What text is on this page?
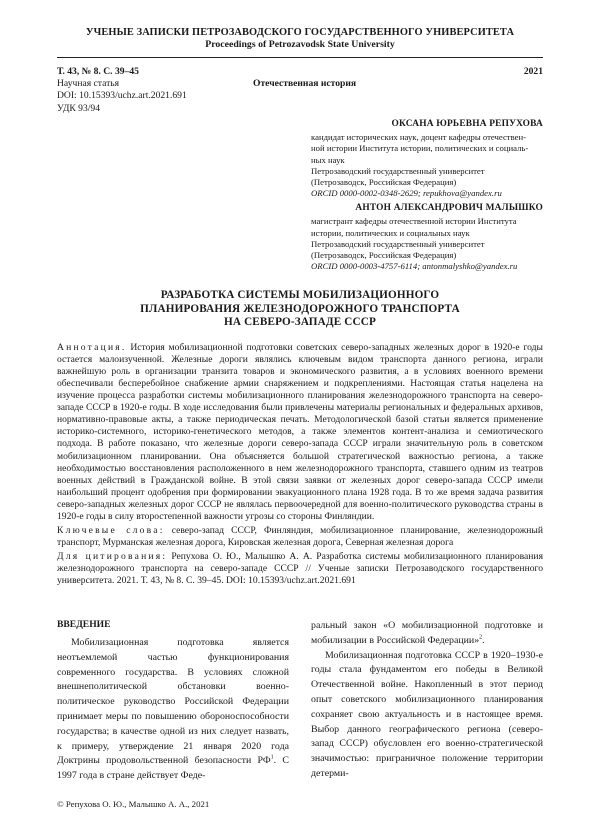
УЧЕНЫЕ ЗАПИСКИ ПЕТРОЗАВОДСКОГО ГОСУДАРСТВЕННОГО УНИВЕРСИТЕТА
Proceedings of Petrozavodsk State University
Т. 43, № 8. С. 39–45	2021
Научная статья	Отечественная история
DOI: 10.15393/uchz.art.2021.691
УДК 93/94
ОКСАНА ЮРЬЕВНА РЕПУХОВА
кандидат исторических наук, доцент кафедры отечествен-
ной истории Института истории, политических и социаль-
ных наук
Петрозаводский государственный университет
(Петрозаводск, Российская Федерация)
ORCID 0000-0002-0348-2629; repukhova@yandex.ru
АНТОН АЛЕКСАНДРОВИЧ МАЛЫШКО
магистрант кафедры отечественной истории Института
истории, политических и социальных наук
Петрозаводский государственный университет
(Петрозаводск, Российская Федерация)
ORCID 0000-0003-4757-6114; antonmalyshko@yandex.ru
РАЗРАБОТКА СИСТЕМЫ МОБИЛИЗАЦИОННОГО
ПЛАНИРОВАНИЯ ЖЕЛЕЗНОДОРОЖНОГО ТРАНСПОРТА
НА СЕВЕРО-ЗАПАДЕ СССР

Аннотация. История мобилизационной подготовки советских северо-западных железных дорог в 1920-е годы остается малоизученной. Железные дороги являлись ключевым видом транспорта данного региона, играли важнейшую роль в организации транзита товаров и экономического развития, а в условиях военного времени обеспечивали бесперебойное снабжение армии снаряжением и подкреплениями. Настоящая статья нацелена на изучение процесса разработки системы мобилизационного планирования железнодорожного транспорта на северо-западе СССР в 1920-е годы. В ходе исследования были привлечены материалы региональных и федеральных архивов, нормативно-правовые акты, а также периодическая печать. Методологической базой статьи является применение историко-системного, историко-генетического методов, а также элементов контент-анализа и семиотического подхода. В работе показано, что железные дороги северо-запада СССР играли значительную роль в советском мобилизационном планировании. Она объясняется большой стратегической важностью региона, а также необходимостью восстановления расположенного в нем железнодорожного транспорта, ставшего одним из театров военных действий в Гражданской войне. В этой связи заявки от железных дорог северо-запада СССР имели наибольший процент одобрения при формировании эвакуационного плана 1928 года. В то же время задача развития северо-западных железных дорог СССР не являлась первоочередной для военно-политического руководства страны в 1920-е годы в силу второстепенной важности угрозы со стороны Финляндии.

Ключевые слова: северо-запад СССР, Финляндия, мобилизационное планирование, железнодорожный транспорт, Мурманская железная дорога, Кировская железная дорога, Северная железная дорога

Для цитирования: Репухова О. Ю., Малышко А. А. Разработка системы мобилизационного планирования железнодорожного транспорта на северо-западе СССР // Ученые записки Петрозаводского государственного университета. 2021. Т. 43, № 8. С. 39–45. DOI: 10.15393/uchz.art.2021.691

ВВЕДЕНИЕ

Мобилизационная подготовка является неотъемлемой частью функционирования современного государства. В условиях сложной внешнеполитической обстановки военно-политическое руководство Российской Федерации принимает меры по повышению обороноспособности государства; в качестве одной из них следует назвать, к примеру, утверждение 21 января 2020 года Доктрины продовольственной безопасности $РФ^1$. С 1997 года в стране действует Феде-

ральный закон «О мобилизационной подготовке и мобилизации в Российской Федерации»$^2$.

Мобилизационная подготовка СССР в 1920–1930-е годы стала фундаментом его победы в Великой Отечественной войне. Накопленный в этот период опыт советского мобилизационного планирования сохраняет свою актуальность и в настоящее время. Выбор данного географического региона (северо-запад СССР) обусловлен его военно-стратегической значимостью: приграничное положение территории детерми-

© Репухова О. Ю., Малышко А. А., 2021
